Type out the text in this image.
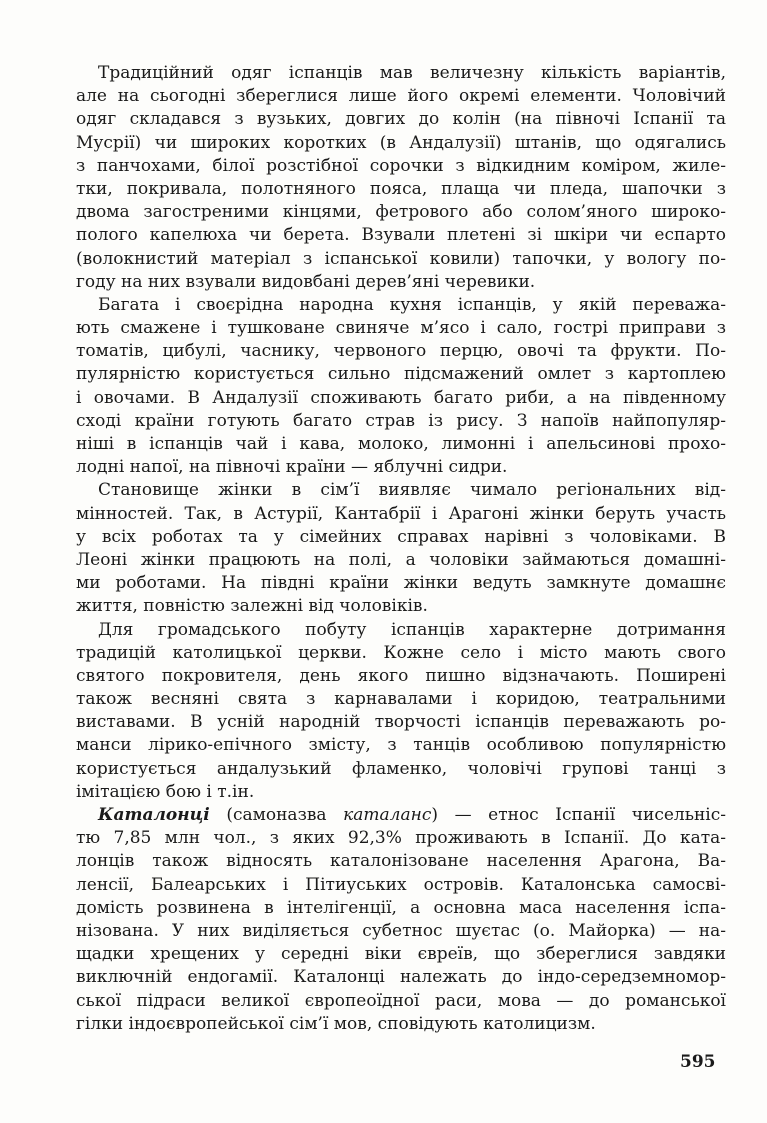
Традиційний одяг іспанців мав величезну кількість варіантів,
але на сьогодні збереглися лише його окремі елементи. Чоловічий
одяг складався з вузьких, довгих до колін (на півночі Іспанії та
Мусрії) чи широких коротких (в Андалузії) штанів, що одягались
з панчохами, білої розстібної сорочки з відкидним коміром, жиле-
тки, покривала, полотняного пояса, плаща чи пледа, шапочки з
двома загостреними кінцями, фетрового або солом’яного широко-
полого капелюха чи берета. Взували плетені зі шкіри чи еспарто
(волокнистий матеріал з іспанської ковили) тапочки, у вологу по-
году на них взували видовбані дерев’яні черевики.
Багата і своєрідна народна кухня іспанців, у якій переважа-
ють смажене і тушковане свиняче м’ясо і сало, гострі приправи з
томатів, цибулі, часнику, червоного перцю, овочі та фрукти. По-
пулярністю користується сильно підсмажений омлет з картоплею
і овочами. В Андалузії споживають багато риби, а на південному
сході країни готують багато страв із рису. З напоїв найпопуляр-
ніші в іспанців чай і кава, молоко, лимонні і апельсинові прохо-
лодні напої, на півночі країни — яблучні сидри.
Становище жінки в сім’ї виявляє чимало регіональних від-
мінностей. Так, в Астурії, Кантабрії і Арагоні жінки беруть участь
у всіх роботах та у сімейних справах нарівні з чоловіками. В
Леоні жінки працюють на полі, а чоловіки займаються домашні-
ми роботами. На півдні країни жінки ведуть замкнуте домашнє
життя, повністю залежні від чоловіків.
Для громадського побуту іспанців характерне дотримання
традицій католицької церкви. Кожне село і місто мають свого
святого покровителя, день якого пишно відзначають. Поширені
також весняні свята з карнавалами і коридою, театральними
виставами. В усній народній творчості іспанців переважають ро-
манси лірико-епічного змісту, з танців особливою популярністю
користується андалузький фламенко, чоловічі групові танці з
імітацією бою і т.ін.
Каталонці (самоназва каталанс) — етнос Іспанії чисельніс-
тю 7,85 млн чол., з яких 92,3% проживають в Іспанії. До ката-
лонців також відносять каталонізоване населення Арагона, Ва-
ленсії, Балеарських і Пітиуських островів. Каталонська самосві-
домість розвинена в інтелігенції, а основна маса населення іспа-
нізована. У них виділяється субетнос шуєтас (о. Майорка) — на-
щадки хрещених у середні віки євреїв, що збереглися завдяки
виключній ендогамії. Каталонці належать до індо-середземномор-
ської підраси великої європеоїдної раси, мова — до романської
гілки індоєвропейської сім’ї мов, сповідують католицизм.
595
